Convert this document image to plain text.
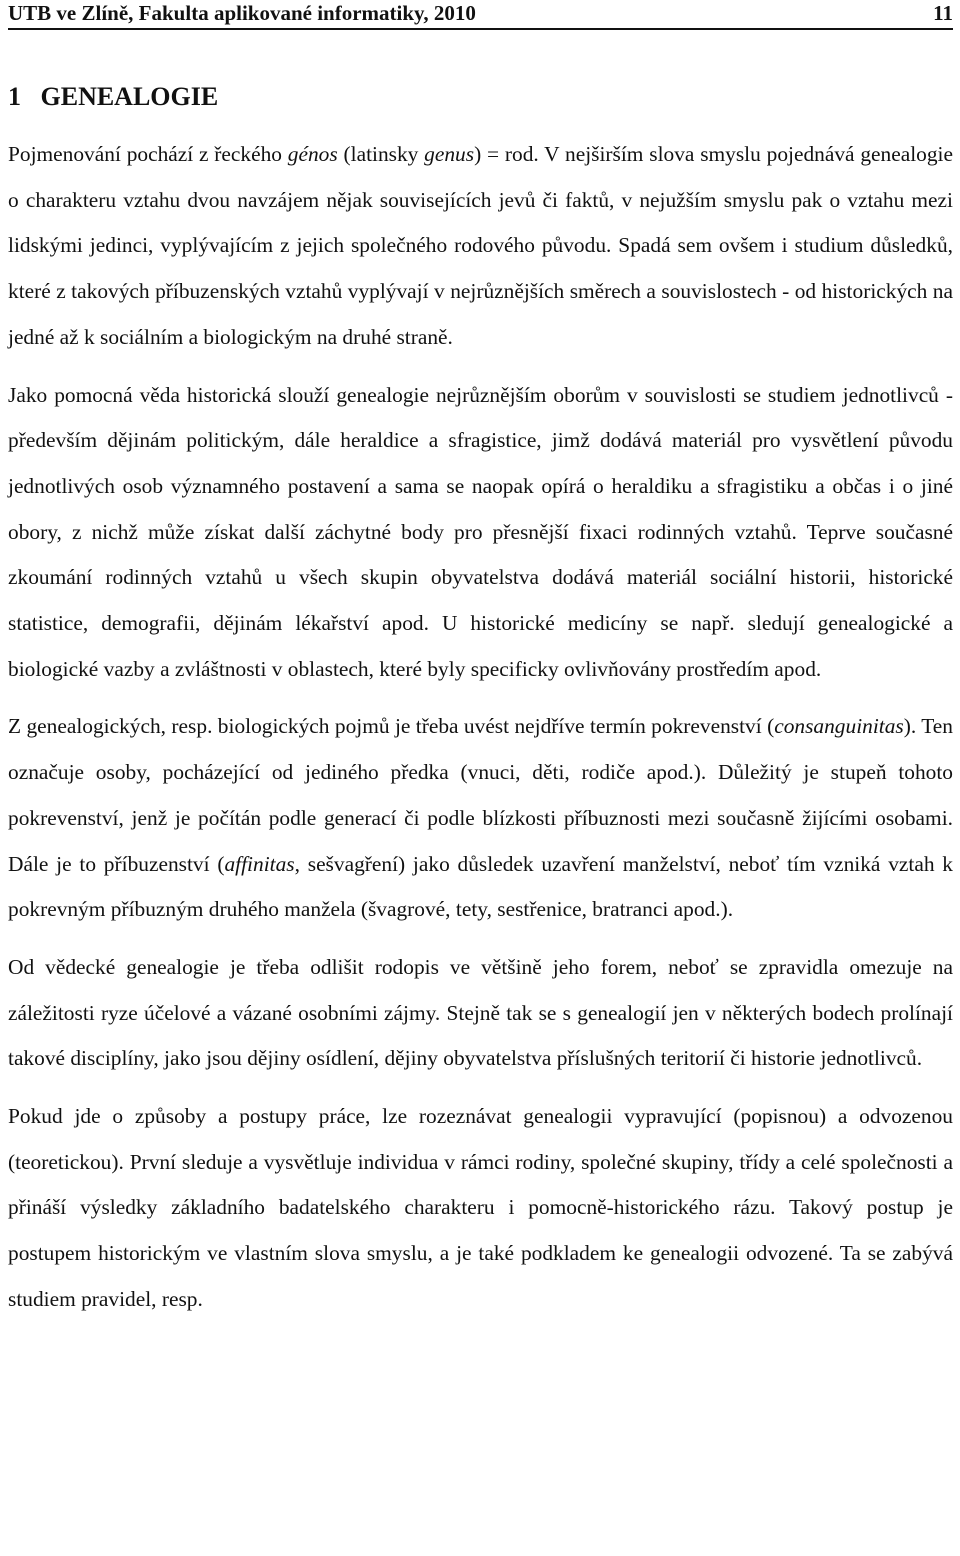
UTB ve Zlíně, Fakulta aplikované informatiky, 2010	11
1 GENEALOGIE

Pojmenování pochází z řeckého génos (latinsky genus) = rod. V nejširším slova smyslu pojednává genealogie o charakteru vztahu dvou navzájem nějak souvisejících jevů či faktů, v nejužším smyslu pak o vztahu mezi lidskými jedinci, vyplývajícím z jejich společného rodového původu. Spadá sem ovšem i studium důsledků, které z takových příbuzenských vztahů vyplývají v nejrůznějších směrech a souvislostech - od historických na jedné až k sociálním a biologickým na druhé straně.

Jako pomocná věda historická slouží genealogie nejrůznějším oborům v souvislosti se studiem jednotlivců - především dějinám politickým, dále heraldice a sfragistice, jimž dodává materiál pro vysvětlení původu jednotlivých osob významného postavení a sama se naopak opírá o heraldiku a sfragistiku a občas i o jiné obory, z nichž může získat další záchytné body pro přesnější fixaci rodinných vztahů. Teprve současné zkoumání rodinných vztahů u všech skupin obyvatelstva dodává materiál sociální historii, historické statistice, demografii, dějinám lékařství apod. U historické medicíny se např. sledují genealogické a biologické vazby a zvláštnosti v oblastech, které byly specificky ovlivňovány prostředím apod.

Z genealogických, resp. biologických pojmů je třeba uvést nejdříve termín pokrevenství (consanguinitas). Ten označuje osoby, pocházející od jediného předka (vnuci, děti, rodiče apod.). Důležitý je stupeň tohoto pokrevenství, jenž je počítán podle generací či podle blízkosti příbuznosti mezi současně žijícími osobami. Dále je to příbuzenství (affinitas, sešvagření) jako důsledek uzavření manželství, neboť tím vzniká vztah k pokrevným příbuzným druhého manžela (švagrové, tety, sestřenice, bratranci apod.).

Od vědecké genealogie je třeba odlišit rodopis ve většině jeho forem, neboť se zpravidla omezuje na záležitosti ryze účelové a vázané osobními zájmy. Stejně tak se s genealogií jen v některých bodech prolínají takové disciplíny, jako jsou dějiny osídlení, dějiny obyvatelstva příslušných teritorií či historie jednotlivců.

Pokud jde o způsoby a postupy práce, lze rozeznávat genealogii vypravující (popisnou) a odvozenou (teoretickou). První sleduje a vysvětluje individua v rámci rodiny, společné skupiny, třídy a celé společnosti a přináší výsledky základního badatelského charakteru i pomocně-historického rázu. Takový postup je postupem historickým ve vlastním slova smyslu, a je také podkladem ke genealogii odvozené. Ta se zabývá studiem pravidel, resp.
